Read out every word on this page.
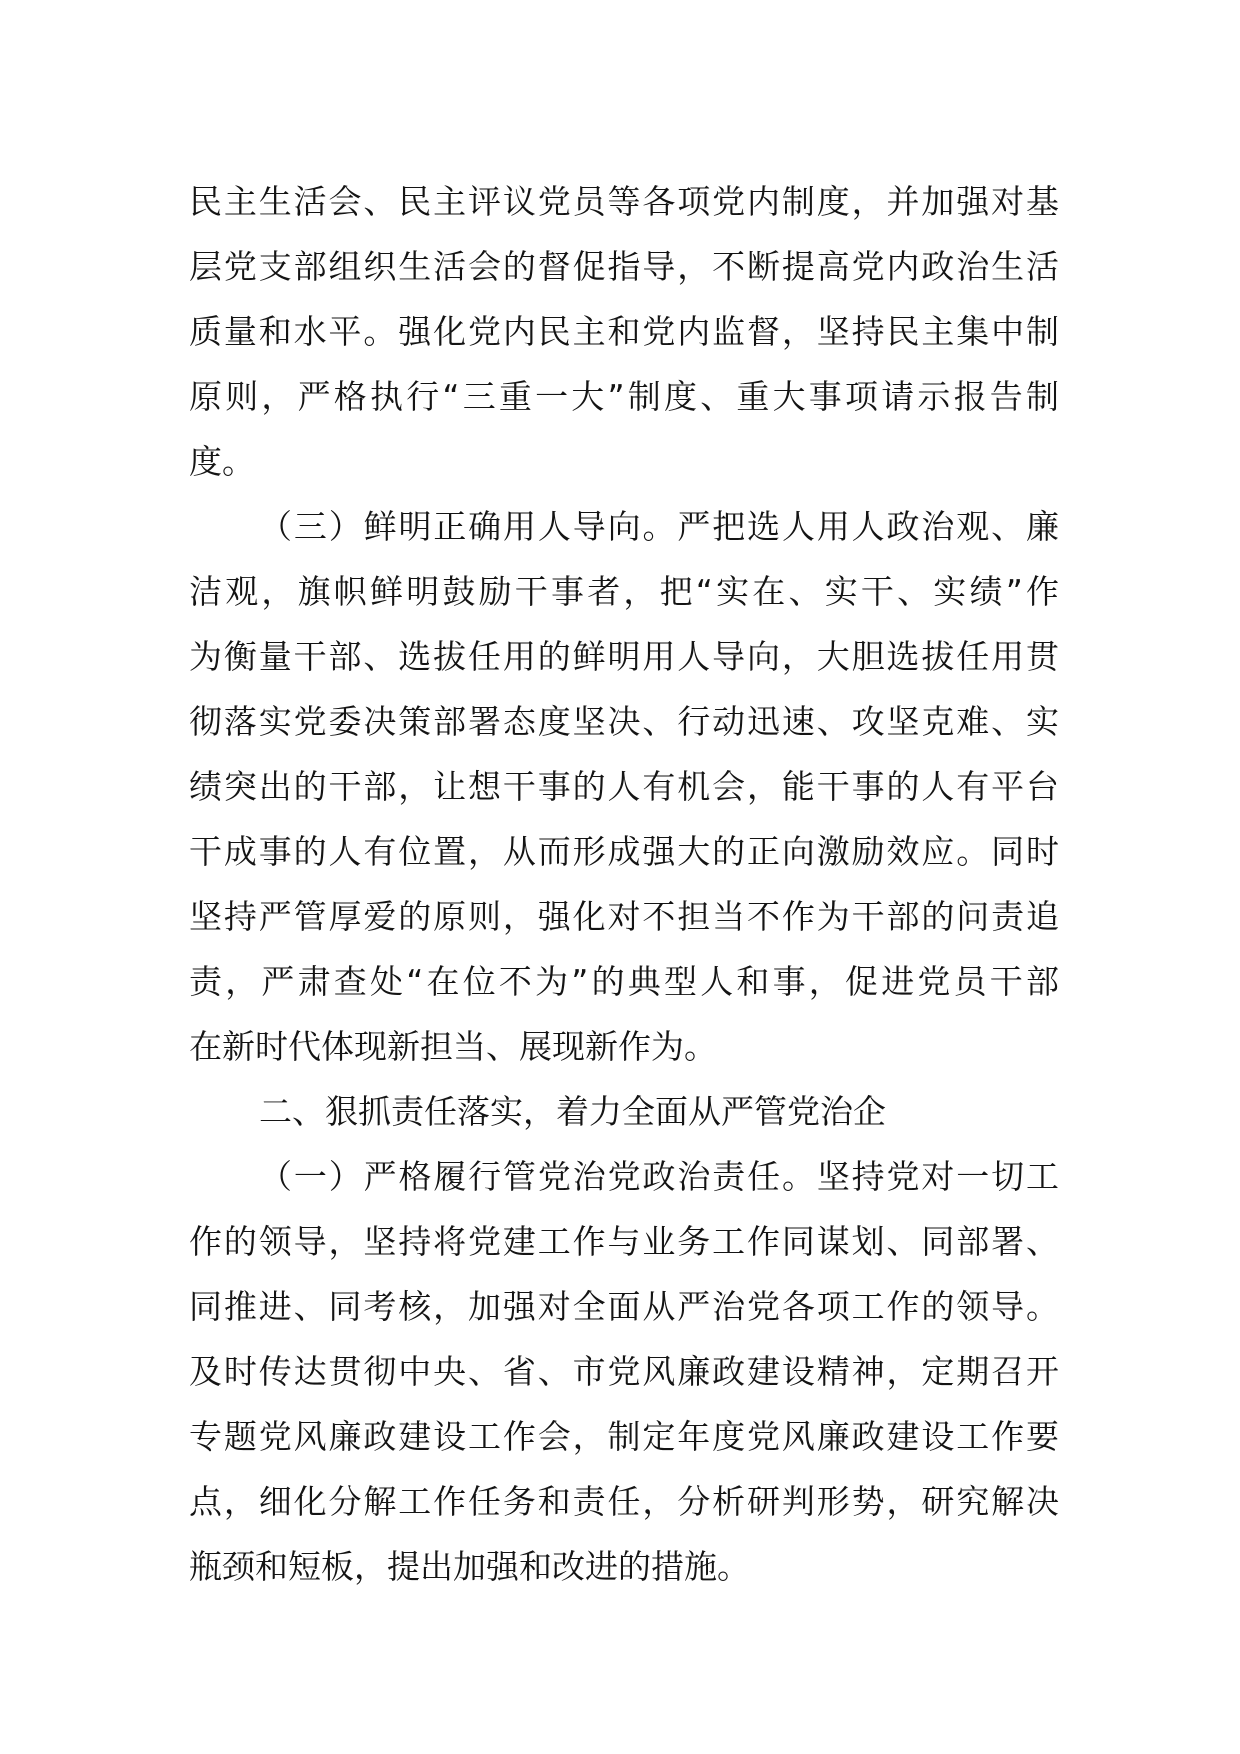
民主生活会、民主评议党员等各项党内制度，并加强对基
层党支部组织生活会的督促指导，不断提高党内政治生活
质量和水平。强化党内民主和党内监督，坚持民主集中制
原则，严格执行“三重一大”制度、重大事项请示报告制
度。
（三）鲜明正确用人导向。严把选人用人政治观、廉
洁观，旗帜鲜明鼓励干事者，把“实在、实干、实绩”作
为衡量干部、选拔任用的鲜明用人导向，大胆选拔任用贯
彻落实党委决策部署态度坚决、行动迅速、攻坚克难、实
绩突出的干部，让想干事的人有机会，能干事的人有平台
干成事的人有位置，从而形成强大的正向激励效应。同时
坚持严管厚爱的原则，强化对不担当不作为干部的问责追
责，严肃查处“在位不为”的典型人和事，促进党员干部
在新时代体现新担当、展现新作为。
二、狠抓责任落实，着力全面从严管党治企
（一）严格履行管党治党政治责任。坚持党对一切工
作的领导，坚持将党建工作与业务工作同谋划、同部署、
同推进、同考核，加强对全面从严治党各项工作的领导。
及时传达贯彻中央、省、市党风廉政建设精神，定期召开
专题党风廉政建设工作会，制定年度党风廉政建设工作要
点，细化分解工作任务和责任，分析研判形势，研究解决
瓶颈和短板，提出加强和改进的措施。
